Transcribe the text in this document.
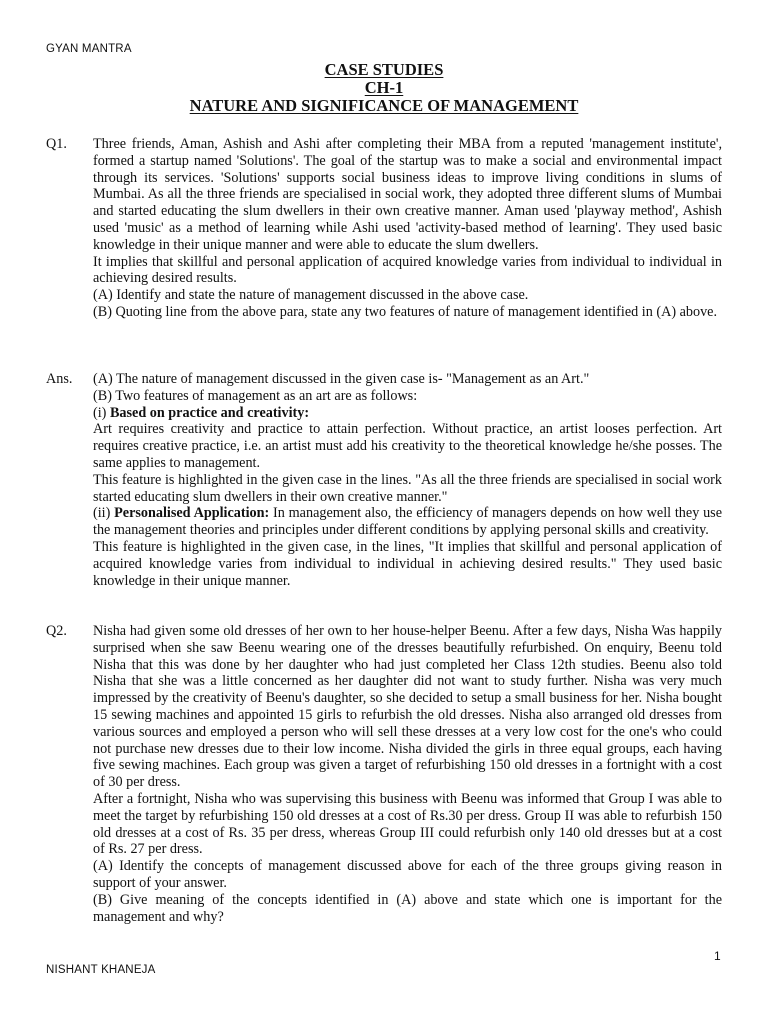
GYAN MANTRA
CASE STUDIES
CH-1
NATURE AND SIGNIFICANCE OF MANAGEMENT
Q1. Three friends, Aman, Ashish and Ashi after completing their MBA from a reputed 'management institute', formed a startup named 'Solutions'. The goal of the startup was to make a social and environmental impact through its services. 'Solutions' supports social business ideas to improve living conditions in slums of Mumbai. As all the three friends are specialised in social work, they adopted three different slums of Mumbai and started educating the slum dwellers in their own creative manner. Aman used 'playway method', Ashish used 'music' as a method of learning while Ashi used 'activity-based method of learning'. They used basic knowledge in their unique manner and were able to educate the slum dwellers.

It implies that skillful and personal application of acquired knowledge varies from individual to individual in achieving desired results.

(A) Identify and state the nature of management discussed in the above case.

(B) Quoting line from the above para, state any two features of nature of management identified in (A) above.

Ans. (A) The nature of management discussed in the given case is- "Management as an Art."

(B) Two features of management as an art are as follows:

(i) Based on practice and creativity:

Art requires creativity and practice to attain perfection. Without practice, an artist looses perfection. Art requires creative practice, i.e. an artist must add his creativity to the theoretical knowledge he/she posses. The same applies to management.

This feature is highlighted in the given case in the lines. "As all the three friends are specialised in social work started educating slum dwellers in their own creative manner."

(ii) Personalised Application: In management also, the efficiency of managers depends on how well they use the management theories and principles under different conditions by applying personal skills and creativity.

This feature is highlighted in the given case, in the lines, "It implies that skillful and personal application of acquired knowledge varies from individual to individual in achieving desired results." They used basic knowledge in their unique manner.

Q2. Nisha had given some old dresses of her own to her house-helper Beenu. After a few days, Nisha Was happily surprised when she saw Beenu wearing one of the dresses beautifully refurbished. On enquiry, Beenu told Nisha that this was done by her daughter who had just completed her Class 12th studies. Beenu also told Nisha that she was a little concerned as her daughter did not want to study further. Nisha was very much impressed by the creativity of Beenu's daughter, so she decided to setup a small business for her. Nisha bought 15 sewing machines and appointed 15 girls to refurbish the old dresses. Nisha also arranged old dresses from various sources and employed a person who will sell these dresses at a very low cost for the one's who could not purchase new dresses due to their low income. Nisha divided the girls in three equal groups, each having five sewing machines. Each group was given a target of refurbishing 150 old dresses in a fortnight with a cost of 30 per dress.

After a fortnight, Nisha who was supervising this business with Beenu was informed that Group I was able to meet the target by refurbishing 150 old dresses at a cost of Rs.30 per dress. Group II was able to refurbish 150 old dresses at a cost of Rs. 35 per dress, whereas Group III could refurbish only 140 old dresses but at a cost of Rs. 27 per dress.

(A) Identify the concepts of management discussed above for each of the three groups giving reason in support of your answer.

(B) Give meaning of the concepts identified in (A) above and state which one is important for the management and why?

1
NISHANT KHANEJA
